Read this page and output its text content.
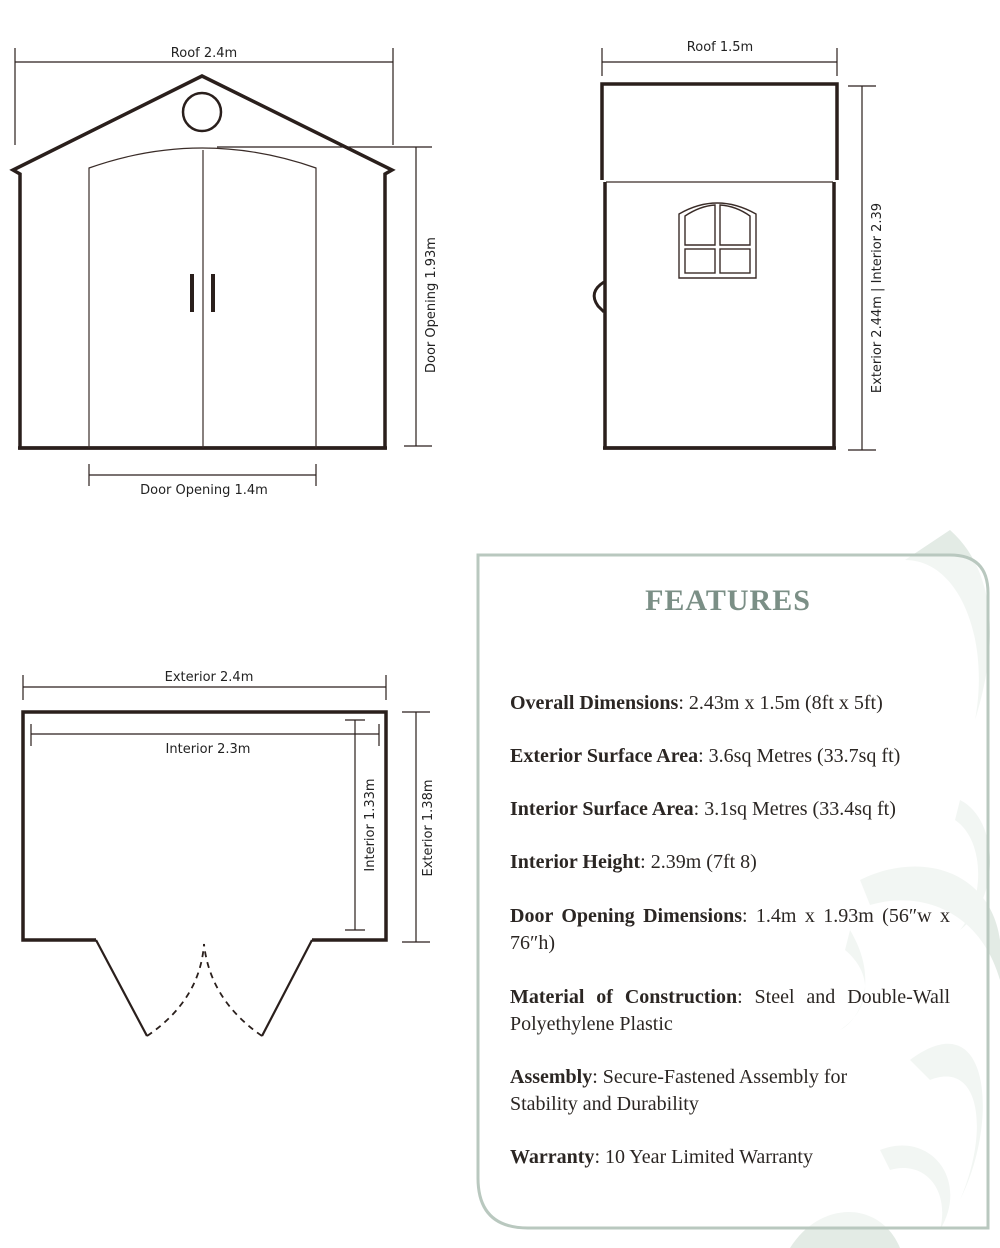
Roof 2.4m
Door Opening 1.93m
Door Opening 1.4m
Roof 1.5m
Exterior 2.44m | Interior 2.39
Exterior 2.4m
Interior 2.3m
Interior 1.33m	Exterior 1.38m
FEATURES
Overall Dimensions: 2.43m x 1.5m (8ft x 5ft)
Exterior Surface Area: 3.6sq Metres (33.7sq ft)
Interior Surface Area: 3.1sq Metres (33.4sq ft)
Interior Height: 2.39m (7ft 8)
Door Opening Dimensions: 1.4m x 1.93m (56″w x 76″h)
Material of Construction: Steel and Double-Wall Polyethylene Plastic
Assembly: Secure-Fastened Assembly for Stability and Durability
Warranty: 10 Year Limited Warranty
